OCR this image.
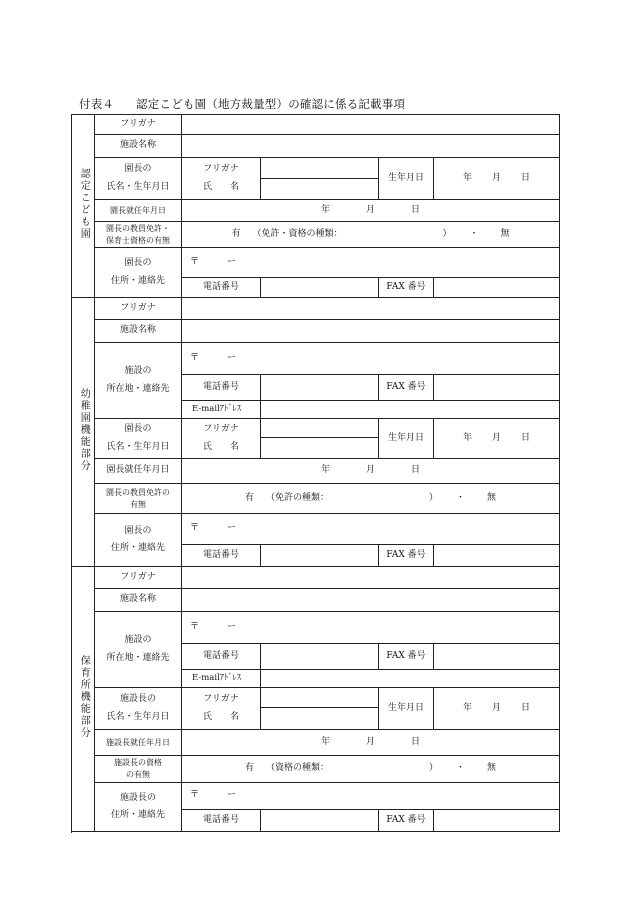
付表４ 認定こども園（地方裁量型）の確認に係る記載事項
認定こども園	フリガナ				
	施設名称				

	園長の
氏名・生年月日	フリガナ
氏　　名		生年月日	年 月 日

	園長就任年月日	年 月 日			

	園長の教員免許・
保育士資格の有無	有 （免許・資格の種類： ） ・ 無			

	園長の
住所・連絡先	〒 ー			
		電話番号		FAX 番号	

幼稚園機能部分	フリガナ				
	施設名称				

	施設の
所在地・連絡先	〒 ー			
		電話番号		FAX 番号	
		E-mailｱﾄﾞﾚｽ			

	園長の
氏名・生年月日	フリガナ
氏　　名		生年月日	年 月 日

	園長就任年月日	年 月 日			

	園長の教員免許の
有無	有 （免許の種類： ） ・ 無			

	園長の
住所・連絡先	〒 ー			
		電話番号		FAX 番号	

保育所機能部分	フリガナ				
	施設名称				

	施設の
所在地・連絡先	〒 ー			
		電話番号		FAX 番号	
		E-mailｱﾄﾞﾚｽ			

	施設長の
氏名・生年月日	フリガナ
氏　　名		生年月日	年 月 日

	施設長就任年月日	年 月 日			

	施設長の資格
の有無	有 （資格の種類： ） ・ 無			

	施設長の
住所・連絡先	〒 ー			
		電話番号		FAX 番号	
